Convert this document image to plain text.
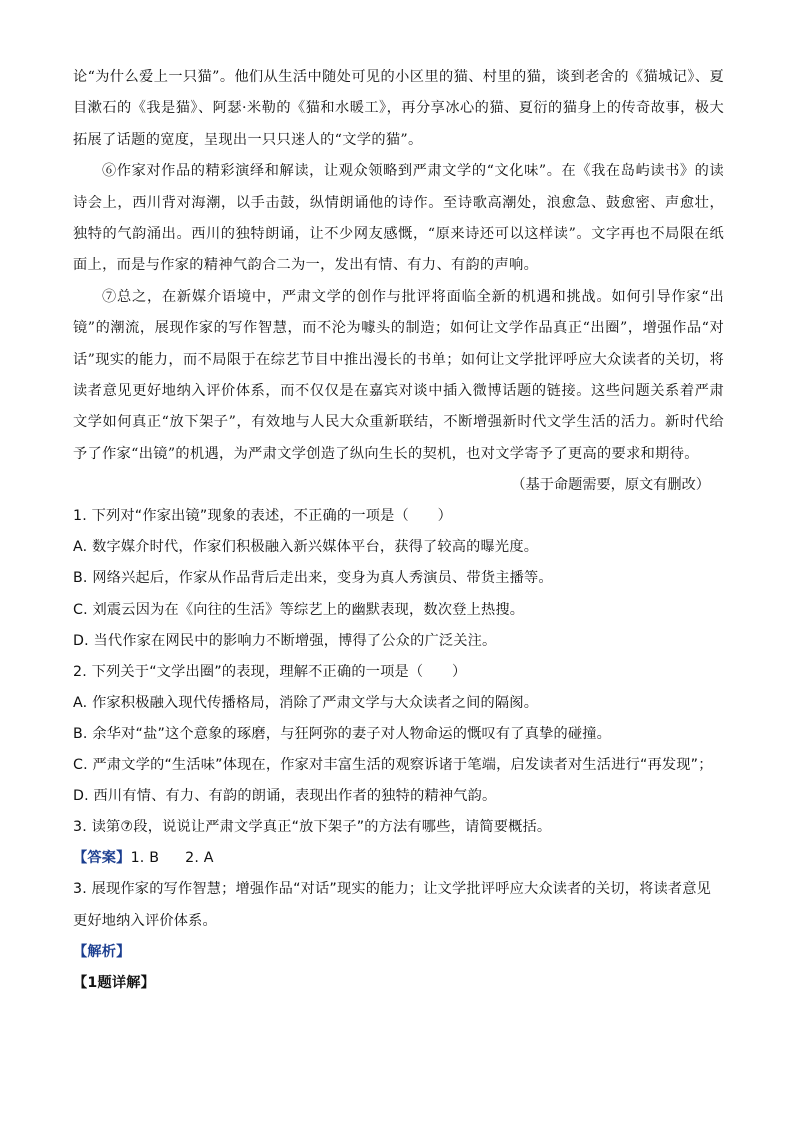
论“为什么爱上一只猫”。他们从生活中随处可见的小区里的猫、村里的猫，谈到老舍的《猫城记》、夏目漱石的《我是猫》、阿瑟·米勒的《猫和水暖工》，再分享冰心的猫、夏衍的猫身上的传奇故事，极大拓展了话题的宽度，呈现出一只只迷人的“文学的猫”。

⑥作家对作品的精彩演绎和解读，让观众领略到严肃文学的“文化味”。在《我在岛屿读书》的读诗会上，西川背对海潮，以手击鼓，纵情朗诵他的诗作。至诗歌高潮处，浪愈急、鼓愈密、声愈壮，独特的气韵涌出。西川的独特朗诵，让不少网友感慨，“原来诗还可以这样读”。文字再也不局限在纸面上，而是与作家的精神气韵合二为一，发出有情、有力、有韵的声响。

⑦总之，在新媒介语境中，严肃文学的创作与批评将面临全新的机遇和挑战。如何引导作家“出镜”的潮流，展现作家的写作智慧，而不沦为噱头的制造；如何让文学作品真正“出圈”，增强作品“对话”现实的能力，而不局限于在综艺节目中推出漫长的书单；如何让文学批评呼应大众读者的关切，将读者意见更好地纳入评价体系，而不仅仅是在嘉宾对谈中插入微博话题的链接。这些问题关系着严肃文学如何真正“放下架子”，有效地与人民大众重新联结，不断增强新时代文学生活的活力。新时代给予了作家“出镜”的机遇，为严肃文学创造了纵向生长的契机，也对文学寄予了更高的要求和期待。

（基于命题需要，原文有删改）

1. 下列对“作家出镜”现象的表述，不正确的一项是（　　）

A. 数字媒介时代，作家们积极融入新兴媒体平台，获得了较高的曝光度。

B. 网络兴起后，作家从作品背后走出来，变身为真人秀演员、带货主播等。

C. 刘震云因为在《向往的生活》等综艺上的幽默表现，数次登上热搜。

D. 当代作家在网民中的影响力不断增强，博得了公众的广泛关注。

2. 下列关于“文学出圈”的表现，理解不正确的一项是（　　）

A. 作家积极融入现代传播格局，消除了严肃文学与大众读者之间的隔阂。

B. 余华对“盐”这个意象的琢磨，与狂阿弥的妻子对人物命运的慨叹有了真挚的碰撞。

C. 严肃文学的“生活味”体现在，作家对丰富生活的观察诉诸于笔端，启发读者对生活进行“再发现”；

D. 西川有情、有力、有韵的朗诵，表现出作者的独特的精神气韵。

3. 读第⑦段，说说让严肃文学真正“放下架子”的方法有哪些，请简要概括。

【答案】1. B 2. A

3. 展现作家的写作智慧；增强作品“对话”现实的能力；让文学批评呼应大众读者的关切，将读者意见更好地纳入评价体系。

【解析】

【1题详解】
